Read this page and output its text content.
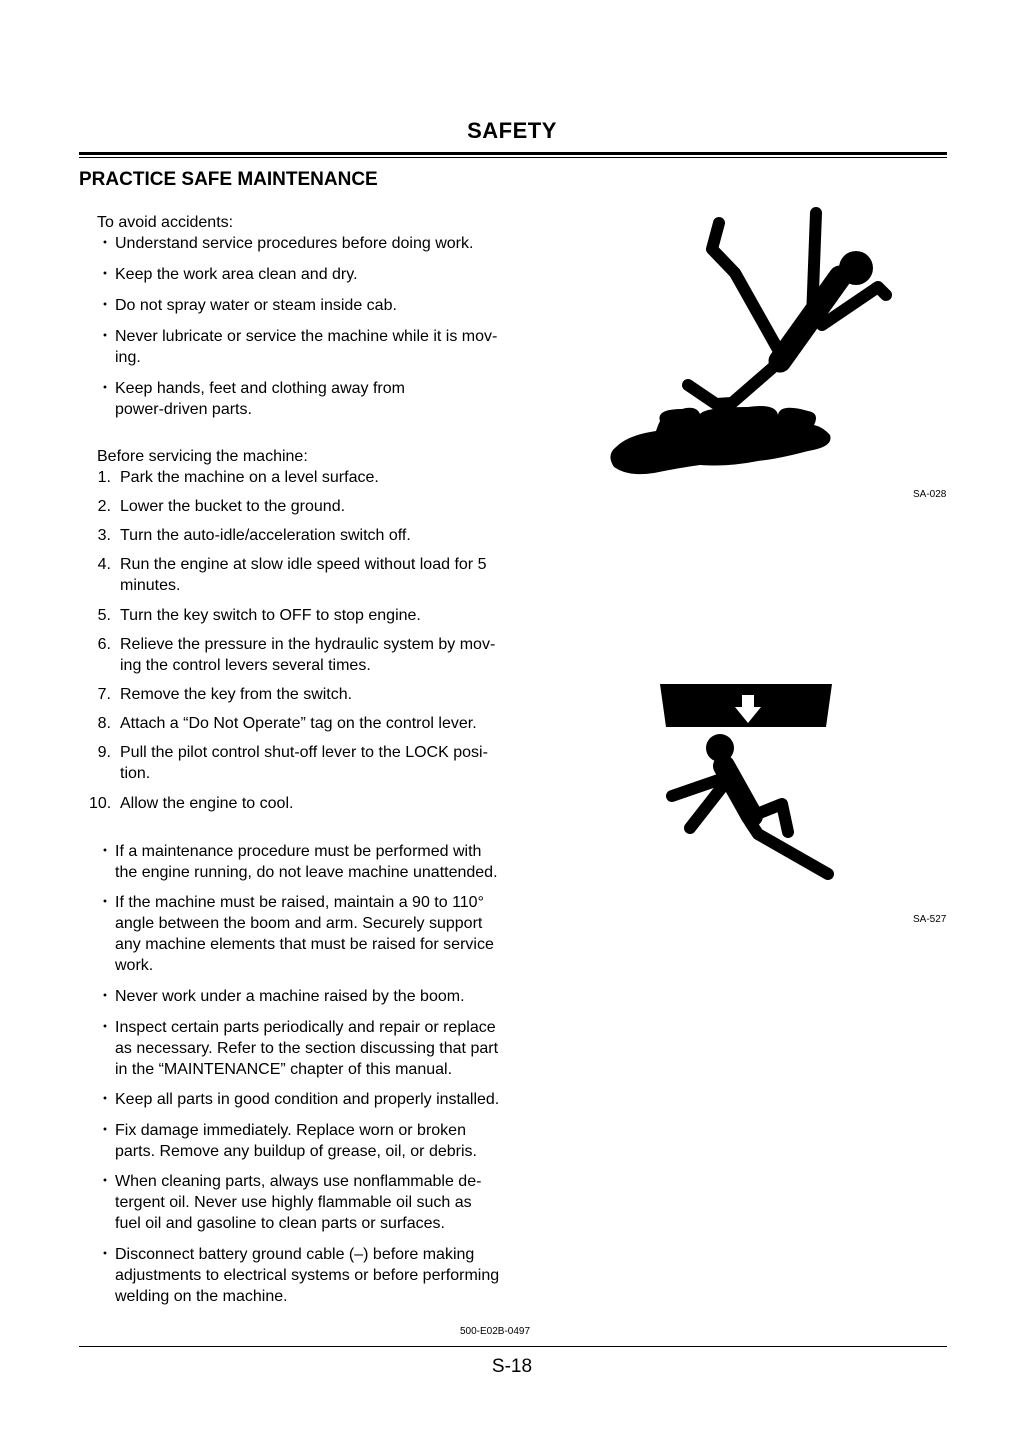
SAFETY
PRACTICE SAFE MAINTENANCE
To avoid accidents:
・ Understand service procedures before doing work.
・ Keep the work area clean and dry.
・ Do not spray water or steam inside cab.
・ Never lubricate or service the machine while it is mov-
ing.
・ Keep hands, feet and clothing away from
power-driven parts.
Before servicing the machine:
1. Park the machine on a level surface.
2. Lower the bucket to the ground.
3. Turn the auto-idle/acceleration switch off.
4. Run the engine at slow idle speed without load for 5
minutes.
5. Turn the key switch to OFF to stop engine.
6. Relieve the pressure in the hydraulic system by mov-
ing the control levers several times.
7. Remove the key from the switch.
8. Attach a “Do Not Operate” tag on the control lever.
9. Pull the pilot control shut-off lever to the LOCK posi-
tion.
10. Allow the engine to cool.
・ If a maintenance procedure must be performed with
the engine running, do not leave machine unattended.
・ If the machine must be raised, maintain a 90 to 110°
angle between the boom and arm. Securely support
any machine elements that must be raised for service
work.
・ Never work under a machine raised by the boom.
・ Inspect certain parts periodically and repair or replace
as necessary. Refer to the section discussing that part
in the “MAINTENANCE” chapter of this manual.
・ Keep all parts in good condition and properly installed.
・ Fix damage immediately. Replace worn or broken
parts. Remove any buildup of grease, oil, or debris.
・ When cleaning parts, always use nonflammable de-
tergent oil. Never use highly flammable oil such as
fuel oil and gasoline to clean parts or surfaces.
・ Disconnect battery ground cable (–) before making
adjustments to electrical systems or before performing
welding on the machine.
SA-028
SA-527
500-E02B-0497
S-18
